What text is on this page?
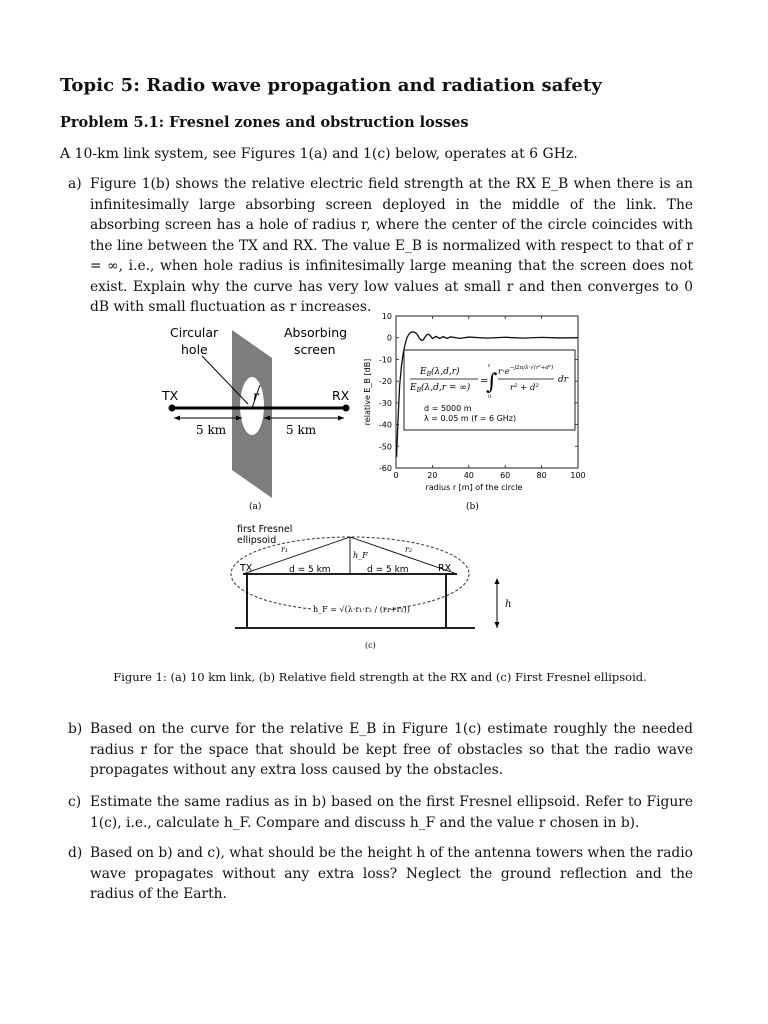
Topic 5: Radio wave propagation and radiation safety
Problem 5.1: Fresnel zones and obstruction losses
A 10-km link system, see Figures 1(a) and 1(c) below, operates at 6 GHz.
a) Figure 1(b) shows the relative electric field strength at the RX E_B when there is an infinitesimally large absorbing screen deployed in the middle of the link. The absorbing screen has a hole of radius r, where the center of the circle coincides with the line between the TX and RX. The value E_B is normalized with respect to that of r = ∞, i.e., when hole radius is infinitesimally large meaning that the screen does not exist. Explain why the curve has very low values at small r and then converges to 0 dB with small fluctuation as r increases.
Circular
hole
Absorbing
screen
TX	RX
r
5 km	5 km
(a)
0	20	40	60	80	100
10
0
-10
-20
-30
-40
-50
-60
$E_B(\lambda,d,r)$
$E_B(\lambda,d,r$ = ∞)
=
∫
0
r
$r\cdot e^{-j2\pi/\lambda\cdot√(r^2+d^2)}$
r² + d²
dr
d = 5000 m
λ = 0.05 m (f = 6 GHz)
radius r [m] of the circle
relative E_B [dB]
(b)
first Fresnel
ellipsoid
TX	RX
r₁	r₂
h_F
d = 5 km	d = 5 km
h
h_F = √(λ·r₁·r₂ / (r₁+r₂))
(c)
Figure 1: (a) 10 km link, (b) Relative field strength at the RX and (c) First Fresnel ellipsoid.
b) Based on the curve for the relative E_B in Figure 1(c) estimate roughly the needed radius r for the space that should be kept free of obstacles so that the radio wave propagates without any extra loss caused by the obstacles.
c) Estimate the same radius as in b) based on the first Fresnel ellipsoid. Refer to Figure 1(c), i.e., calculate h_F. Compare and discuss h_F and the value r chosen in b).
d) Based on b) and c), what should be the height h of the antenna towers when the radio wave propagates without any extra loss? Neglect the ground reflection and the radius of the Earth.
